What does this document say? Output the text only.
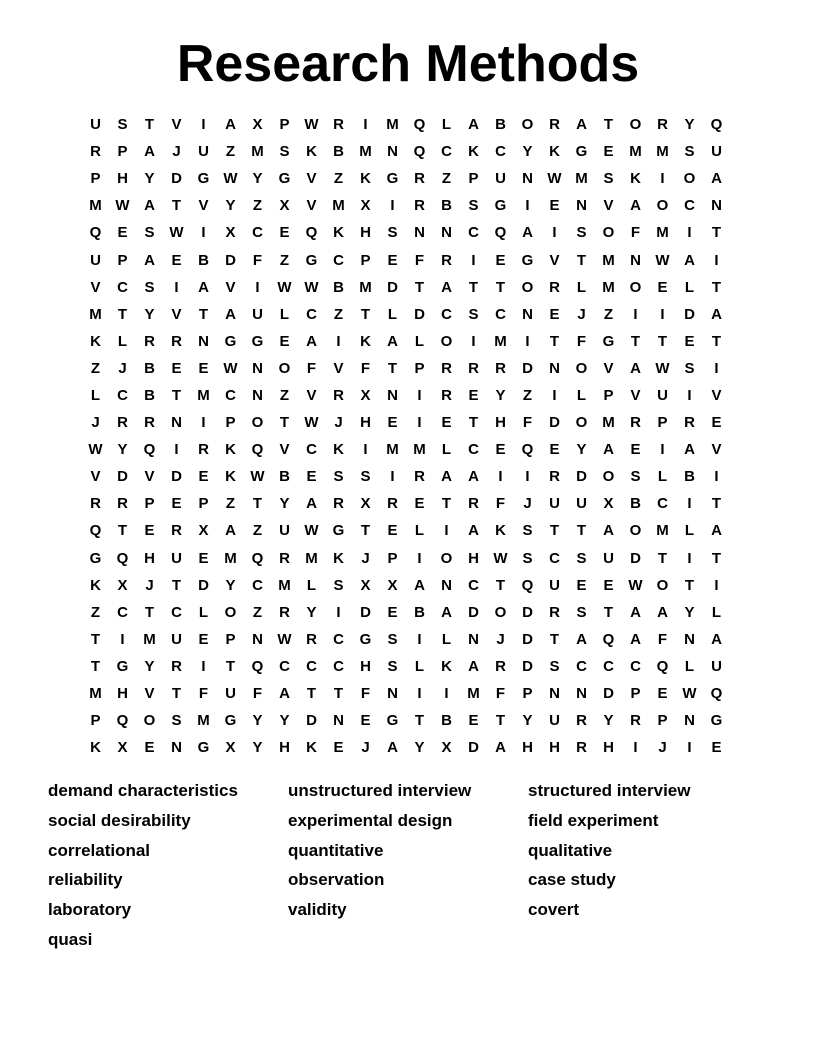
Research Methods
U	S	T	V	I	A	X	P W R	I	M Q	L	A	B	O	R	A	T	O	R	Y	Q
R	P	A	J	U	Z	M	S	K	B	M	N	Q	C	K	C	Y	K	G	E	M M	S	U
P	H	Y	D	G W Y	G	V	Z	K	G	R	Z	P	U	N W M	S	K	I	O	A
M W A	T	V	Y	Z	X	V	M	X	I	R	B	S	G	I	E	N	V	A	O	C	N
Q	E	S W	I	X	C	E	Q	K	H	S	N	N	C	Q	A	I	S	O	F	M	I	T
U	P	A	E	B	D	F	Z	G	C	P	E	F	R	I	E	G	V	T	M	N W A	I
V	C	S	I	A	V	I	W W B	M	D	T	A	T	T	O	R	L	M O	E	L	T
M	T	Y	V	T	A	U	L	C	Z	T	L	D	C	S	C	N	E	J	Z	I	I	D	A
K	L	R	R	N	G	G	E	A	I	K	A	L	O	I	M	I	T	F	G	T	T	E	T
Z	J	B	E	E W N	O	F	V	F	T	P	R	R	R	D	N	O	V	A W S	I
L	C	B	T	M	C	N	Z	V	R	X	N	I	R	E	Y	Z	I	L	P	V	U	I	V
J	R	R	N	I	P	O	T	W	J	H	E	I	E	T	H	F	D	O M	R	P	R	E
W Y	Q	I	R	K	Q	V	C	K	I	M M	L	C	E	Q	E	Y	A	E	I	A	V
V	D	V	D	E	K W B	E	S	S	I	R	A	A	I	I	R	D	O	S	L	B	I
R	R	P	E	P	Z	T	Y	A	R	X	R	E	T	R	F	J	U	U	X	B	C	I	T
Q	T	E	R	X	A	Z	U W G	T	E	L	I	A	K	S	T	T	A	O M	L	A
G	Q	H	U	E	M Q	R	M	K	J	P	I	O	H W S	C	S	U	D	T	I	T
K	X	J	T	D	Y	C	M	L	S	X	X	A	N	C	T	Q	U	E	E W O	T	I
Z	C	T	C	L	O	Z	R	Y	I	D	E	B	A	D	O	D	R	S	T	A	A	Y	L
T	I	M	U	E	P	N W R	C	G	S	I	L	N	J	D	T	A	Q	A	F	N	A
T	G	Y	R	I	T	Q	C	C	C	H	S	L	K	A	R	D	S	C	C	C	Q	L	U
M	H	V	T	F	U	F	A	T	T	F	N	I	I	M	F	P	N	N	D	P	E W Q
P	Q	O	S	M G	Y	Y	D	N	E	G	T	B	E	T	Y	U	R	Y	R	P	N	G
K	X	E	N	G	X	Y	H	K	E	J	A	Y	X	D	A	H	H	R	H	I	J	I	E
demand characteristics	unstructured interview	structured interview
social desirability	experimental design	field experiment
correlational	quantitative	qualitative
reliability	observation	case study
laboratory	validity	covert
quasi
